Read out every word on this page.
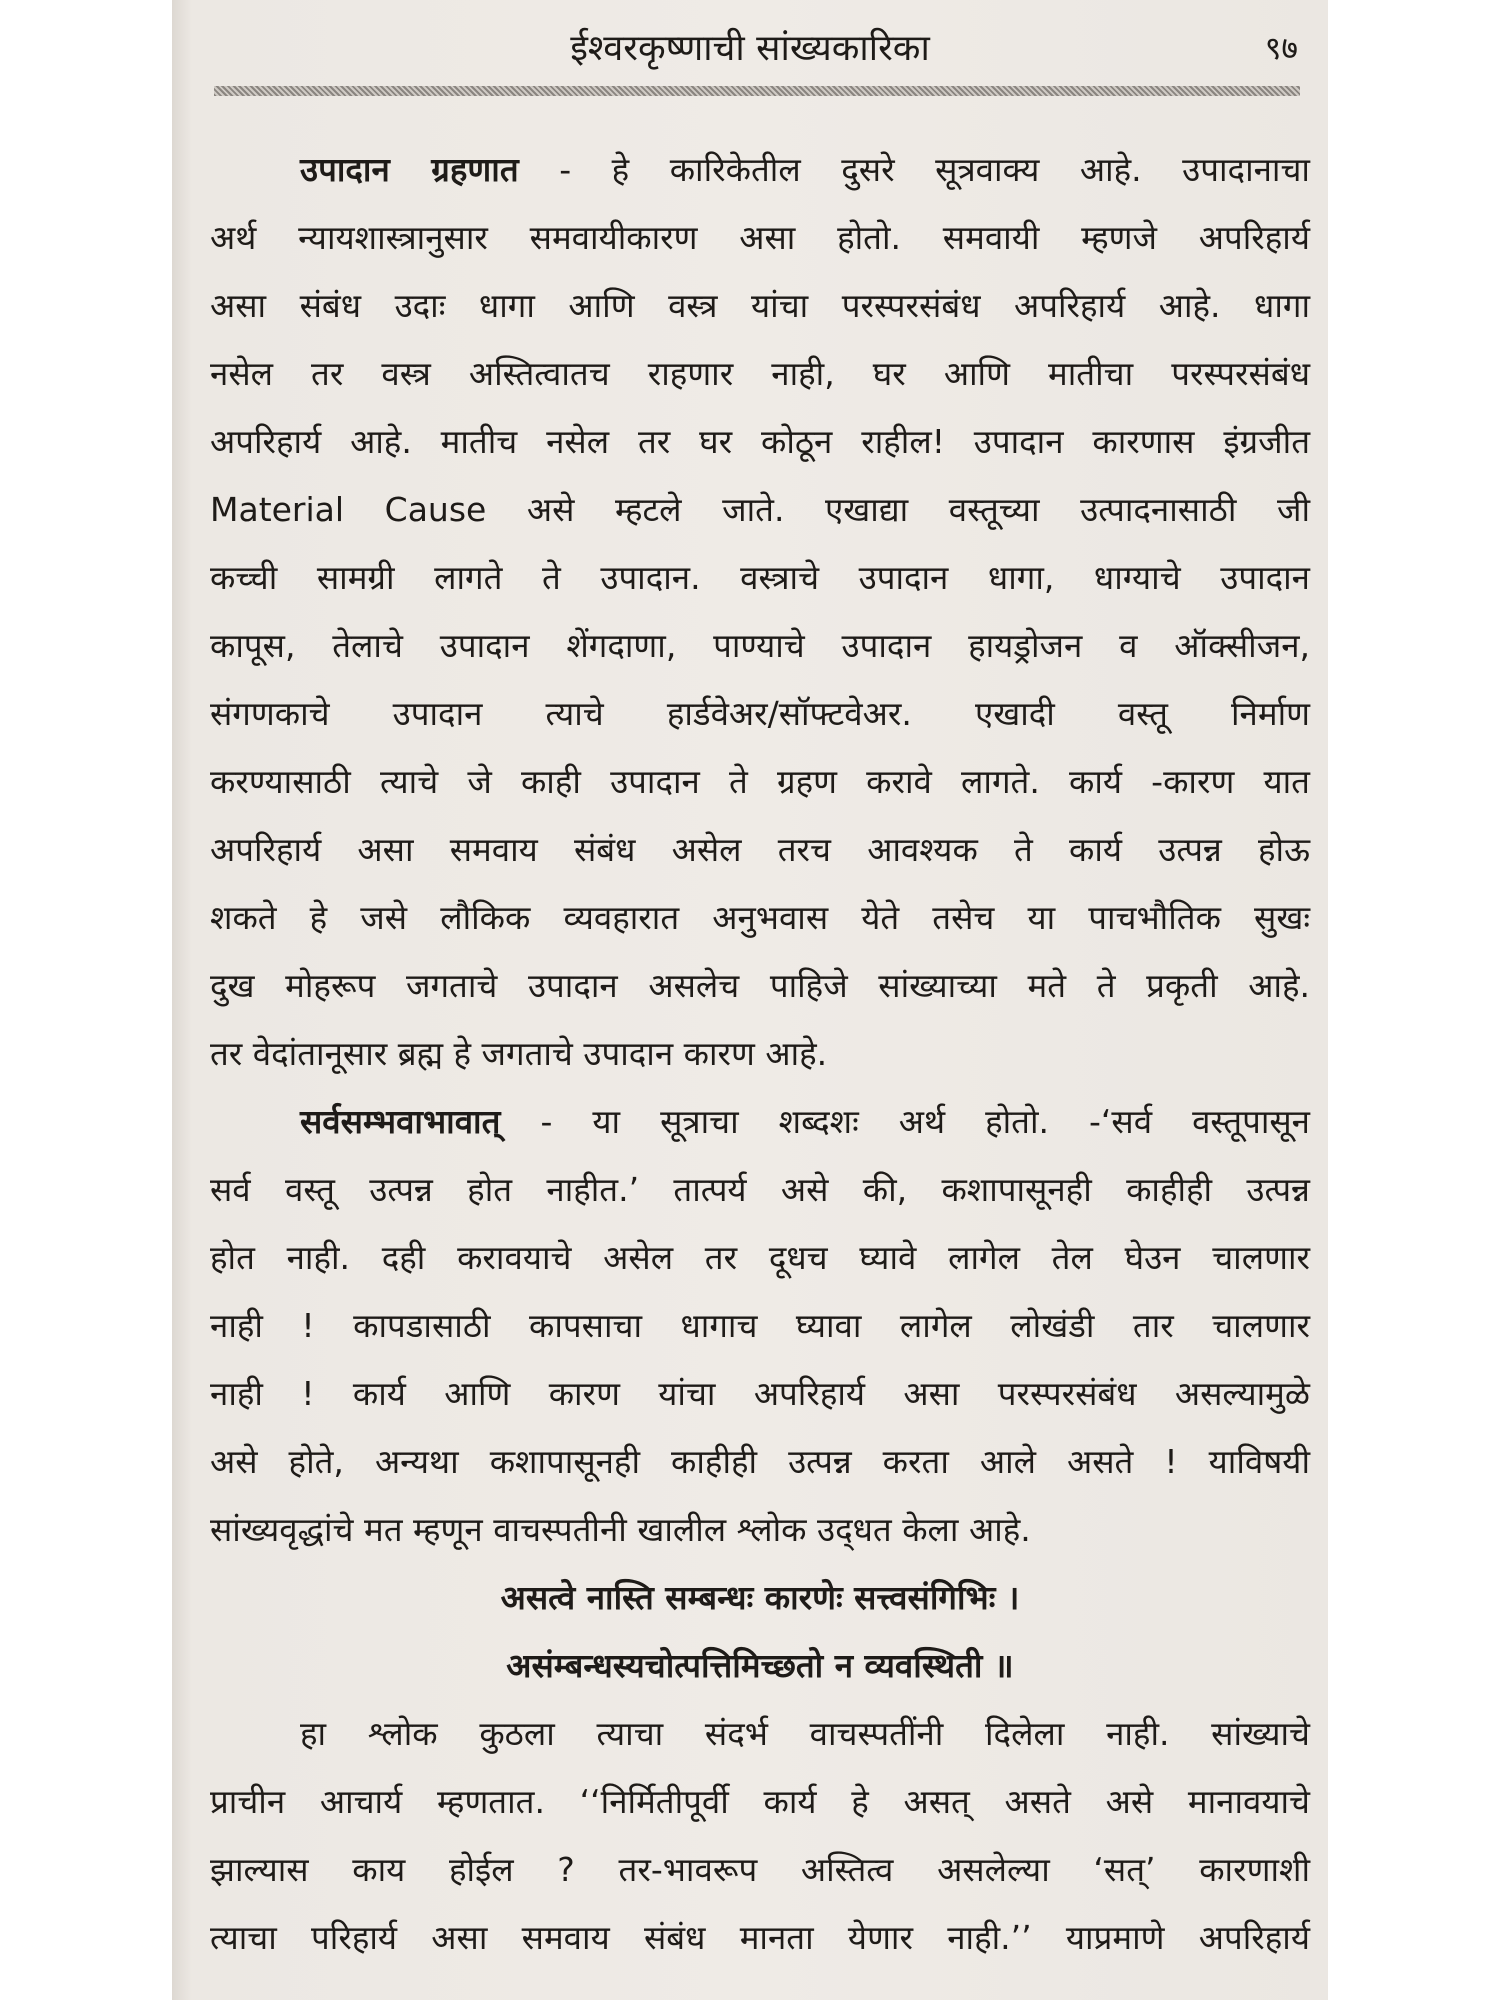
ईश्वरकृष्णाची सांख्यकारिका	९७
उपादान ग्रहणात - हे कारिकेतील दुसरे सूत्रवाक्य आहे. उपादानाचा
अर्थ न्यायशास्त्रानुसार समवायीकारण असा होतो. समवायी म्हणजे अपरिहार्य
असा संबंध उदाः धागा आणि वस्त्र यांचा परस्परसंबंध अपरिहार्य आहे. धागा
नसेल तर वस्त्र अस्तित्वातच राहणार नाही, घर आणि मातीचा परस्परसंबंध
अपरिहार्य आहे. मातीच नसेल तर घर कोठून राहील! उपादान कारणास इंग्रजीत
Material Cause असे म्हटले जाते. एखाद्या वस्तूच्या उत्पादनासाठी जी
कच्ची सामग्री लागते ते उपादान. वस्त्राचे उपादान धागा, धाग्याचे उपादान
कापूस, तेलाचे उपादान शेंगदाणा, पाण्याचे उपादान हायड्रोजन व ऑक्सीजन,
संगणकाचे उपादान त्याचे हार्डवेअर/सॉफ्टवेअर. एखादी वस्तू निर्माण
करण्यासाठी त्याचे जे काही उपादान ते ग्रहण करावे लागते. कार्य -कारण यात
अपरिहार्य असा समवाय संबंध असेल तरच आवश्यक ते कार्य उत्पन्न होऊ
शकते हे जसे लौकिक व्यवहारात अनुभवास येते तसेच या पाचभौतिक सुखः
दुख मोहरूप जगताचे उपादान असलेच पाहिजे सांख्याच्या मते ते प्रकृती आहे.
तर वेदांतानूसार ब्रह्म हे जगताचे उपादान कारण आहे.
सर्वसम्भवाभावात् - या सूत्राचा शब्दशः अर्थ होतो. -‘सर्व वस्तूपासून
सर्व वस्तू उत्पन्न होत नाहीत.’ तात्पर्य असे की, कशापासूनही काहीही उत्पन्न
होत नाही. दही करावयाचे असेल तर दूधच घ्यावे लागेल तेल घेउन चालणार
नाही ! कापडासाठी कापसाचा धागाच घ्यावा लागेल लोखंडी तार चालणार
नाही ! कार्य आणि कारण यांचा अपरिहार्य असा परस्परसंबंध असल्यामुळे
असे होते, अन्यथा कशापासूनही काहीही उत्पन्न करता आले असते ! याविषयी
सांख्यवृद्धांचे मत म्हणून वाचस्पतीनी खालील श्लोक उद्‌धत केला आहे.
असत्वे नास्ति सम्बन्धः कारणेः सत्त्वसंगिभिः ।
असंम्बन्धस्यचोत्पत्तिमिच्छतो न व्यवस्थिती ॥
हा श्लोक कुठला त्याचा संदर्भ वाचस्पतींनी दिलेला नाही. सांख्याचे
प्राचीन आचार्य म्हणतात. ‘‘निर्मितीपूर्वी कार्य हे असत् असते असे मानावयाचे
झाल्यास काय होईल ? तर-भावरूप अस्तित्व असलेल्या ‘सत्’ कारणाशी
त्याचा परिहार्य असा समवाय संबंध मानता येणार नाही.’’ याप्रमाणे अपरिहार्य
